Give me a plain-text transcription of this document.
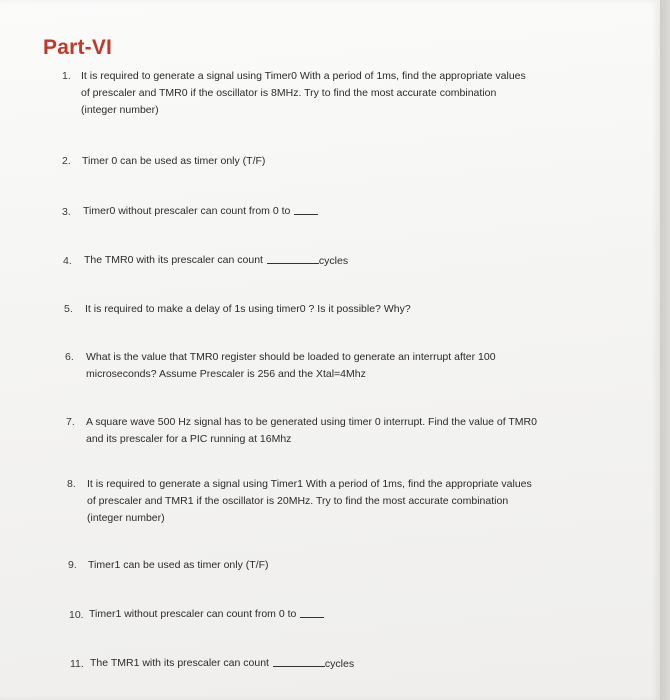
Part-VI
1. It is required to generate a signal using Timer0 With a period of 1ms, find the appropriate values
of prescaler and TMR0 if the oscillator is 8MHz. Try to find the most accurate combination
(integer number)
2. Timer 0 can be used as timer only (T/F)
3. Timer0 without prescaler can count from 0 to
4. The TMR0 with its prescaler can count	cycles
5. It is required to make a delay of 1s using timer0 ? Is it possible? Why?
6. What is the value that TMR0 register should be loaded to generate an interrupt after 100
microseconds? Assume Prescaler is 256 and the Xtal=4Mhz
7. A square wave 500 Hz signal has to be generated using timer 0 interrupt. Find the value of TMR0
and its prescaler for a PIC running at 16Mhz
8. It is required to generate a signal using Timer1 With a period of 1ms, find the appropriate values
of prescaler and TMR1 if the oscillator is 20MHz. Try to find the most accurate combination
(integer number)
9. Timer1 can be used as timer only (T/F)
10. Timer1 without prescaler can count from 0 to
11. The TMR1 with its prescaler can count	cycles
